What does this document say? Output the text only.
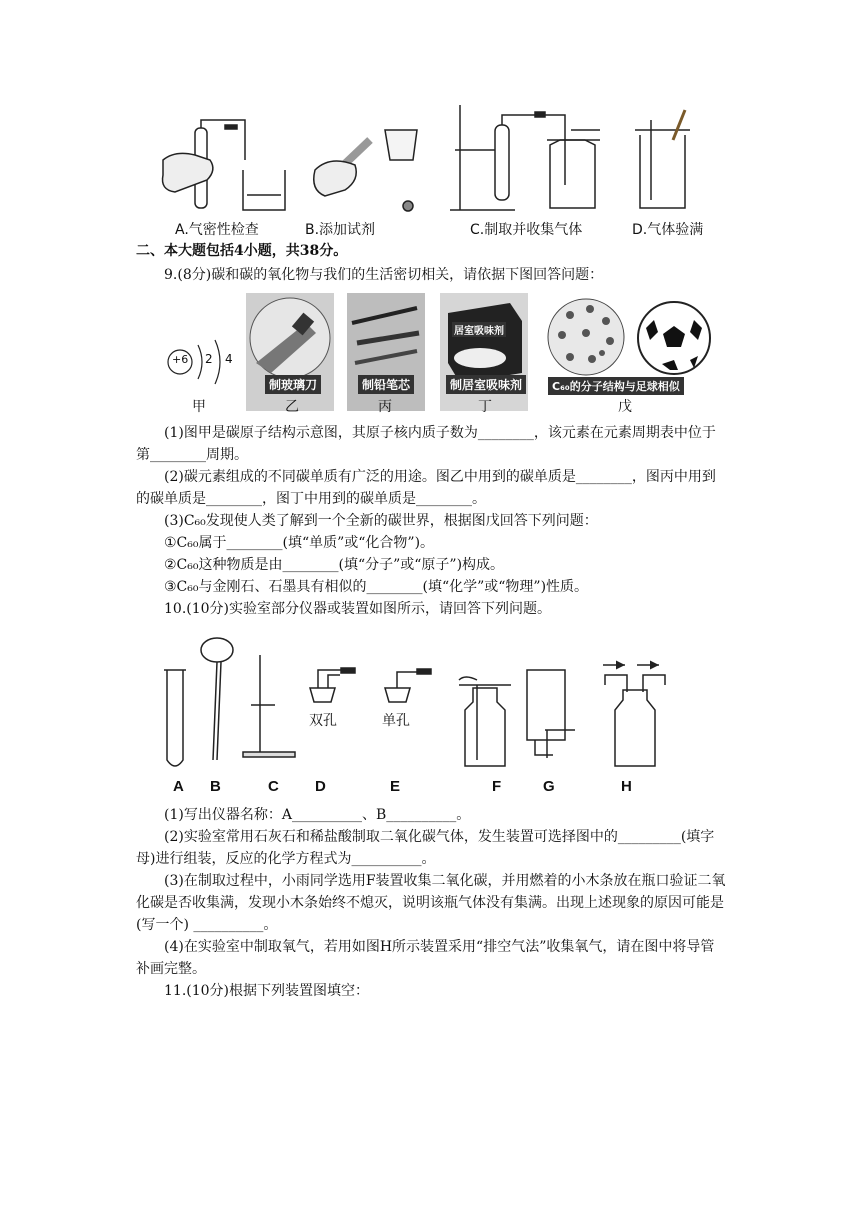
A.气密性检查	B.添加试剂	C.制取并收集气体	D.气体验满

二、本大题包括4小题，共38分。

9.(8分)碳和碳的氧化物与我们的生活密切相关，请依据下图回答问题：

+6 2 4
甲
制玻璃刀
乙
制铅笔芯
丙
居室吸味剂
制居室吸味剂
丁
C₆₀的分子结构与足球相似
戊

(1)图甲是碳原子结构示意图，其原子核内质子数为________，该元素在元素周期表中位于第________周期。

(2)碳元素组成的不同碳单质有广泛的用途。图乙中用到的碳单质是________，图丙中用到的碳单质是________，图丁中用到的碳单质是________。

(3)C₆₀发现使人类了解到一个全新的碳世界，根据图戊回答下列问题：

①C₆₀属于________(填“单质”或“化合物”)。

②C₆₀这种物质是由________(填“分子”或“原子”)构成。

③C₆₀与金刚石、石墨具有相似的________(填“化学”或“物理”)性质。

10.(10分)实验室部分仪器或装置如图所示，请回答下列问题。

双孔	单孔
A B	C D	E	F	G	H

(1)写出仪器名称：A__________、B__________。

(2)实验室常用石灰石和稀盐酸制取二氧化碳气体，发生装置可选择图中的_________(填字母)进行组装，反应的化学方程式为__________。

(3)在制取过程中，小雨同学选用F装置收集二氧化碳，并用燃着的小木条放在瓶口验证二氧化碳是否收集满，发现小木条始终不熄灭，说明该瓶气体没有集满。出现上述现象的原因可能是(写一个) __________。

(4)在实验室中制取氧气，若用如图H所示装置采用“排空气法”收集氧气，请在图中将导管补画完整。

11.(10分)根据下列装置图填空：
